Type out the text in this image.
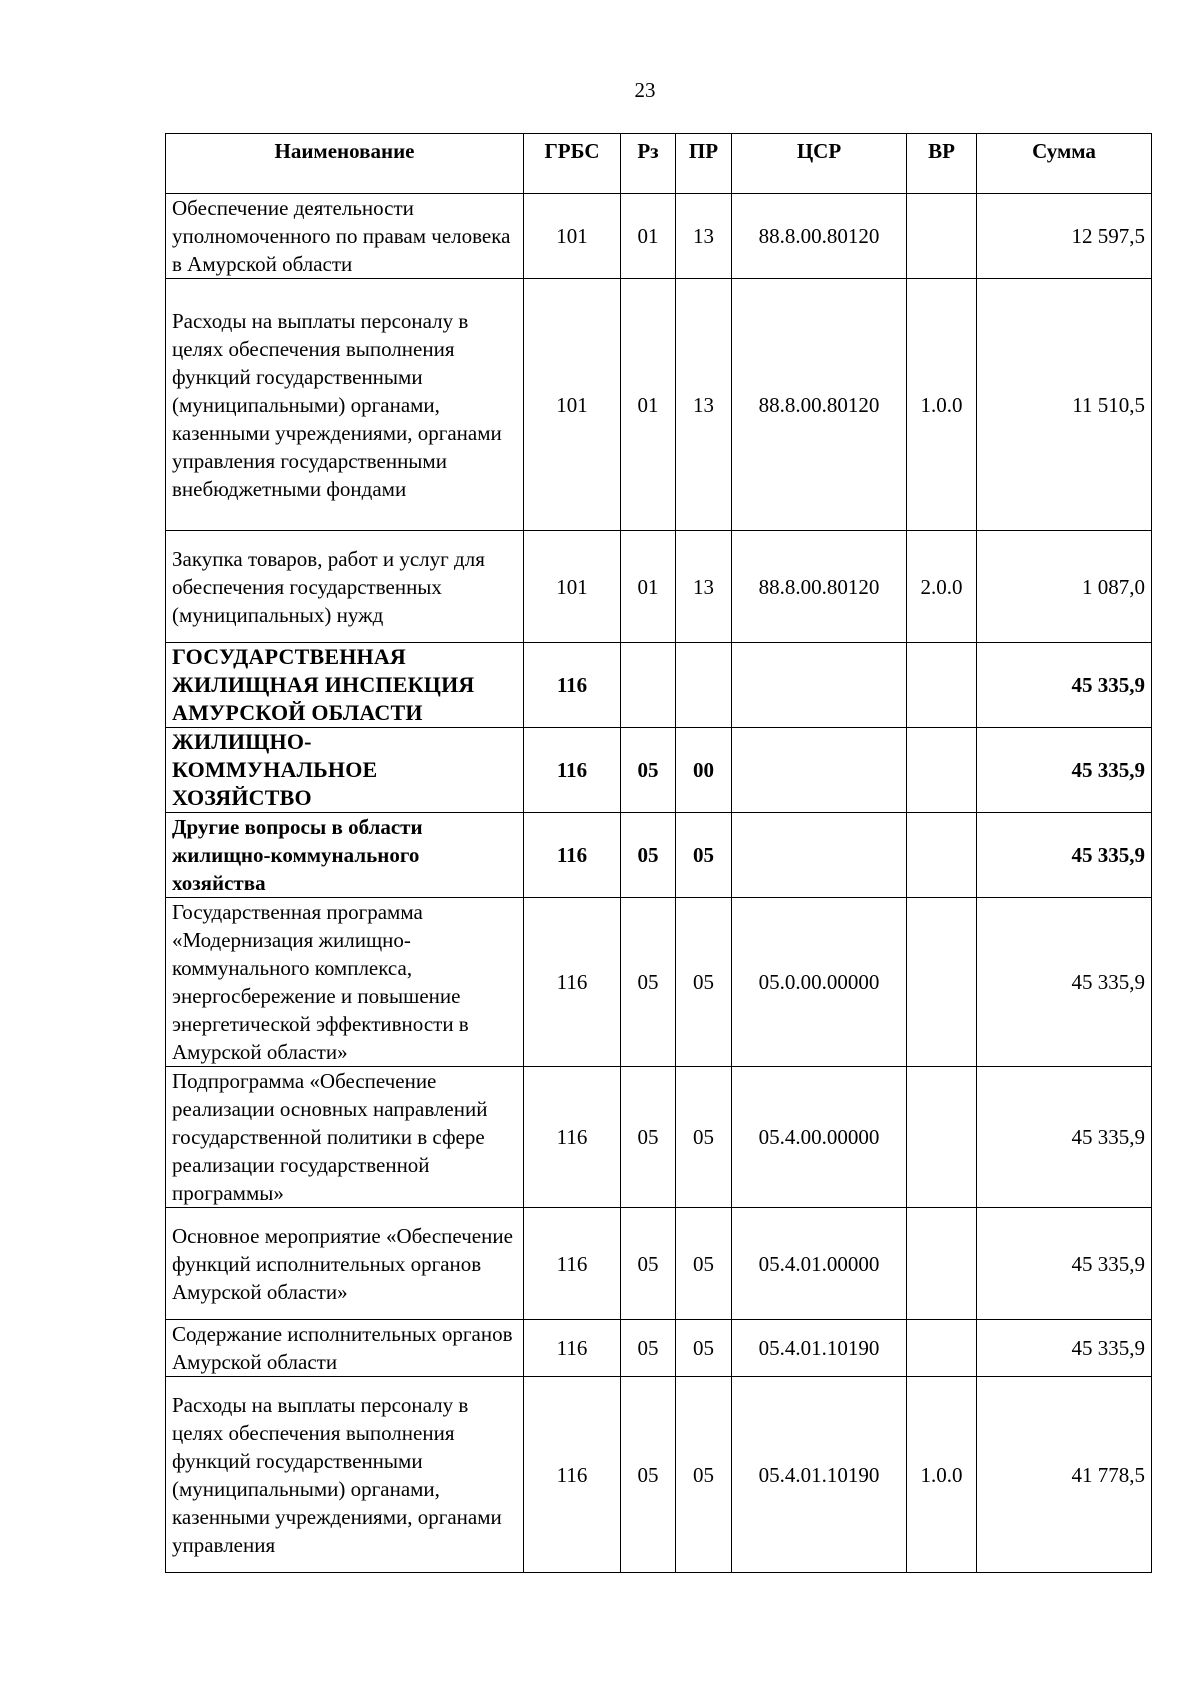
23
Наименование	ГРБС	Рз	ПР	ЦСР	ВР	Сумма
Обеспечение деятельности уполномоченного по правам человека в Амурской области	101	01	13	88.8.00.80120		12 597,5
Расходы на выплаты персоналу в целях обеспечения выполнения функций государственными (муниципальными) органами, казенными учреждениями, органами управления государственными внебюджетными фондами	101	01	13	88.8.00.80120	1.0.0	11 510,5
Закупка товаров, работ и услуг для обеспечения государственных (муниципальных) нужд	101	01	13	88.8.00.80120	2.0.0	1 087,0
ГОСУДАРСТВЕННАЯ ЖИЛИЩНАЯ ИНСПЕКЦИЯ АМУРСКОЙ ОБЛАСТИ	116					45 335,9
ЖИЛИЩНО-КОММУНАЛЬНОЕ ХОЗЯЙСТВО	116	05	00			45 335,9
Другие вопросы в области жилищно-коммунального хозяйства	116	05	05			45 335,9
Государственная программа «Модернизация жилищно-коммунального комплекса, энергосбережение и повышение энергетической эффективности в Амурской области»	116	05	05	05.0.00.00000		45 335,9
Подпрограмма «Обеспечение реализации основных направлений государственной политики в сфере реализации государственной программы»	116	05	05	05.4.00.00000		45 335,9
Основное мероприятие «Обеспечение функций исполнительных органов Амурской области»	116	05	05	05.4.01.00000		45 335,9
Содержание исполнительных органов Амурской области	116	05	05	05.4.01.10190		45 335,9
Расходы на выплаты персоналу в целях обеспечения выполнения функций государственными (муниципальными) органами, казенными учреждениями, органами управления	116	05	05	05.4.01.10190	1.0.0	41 778,5
